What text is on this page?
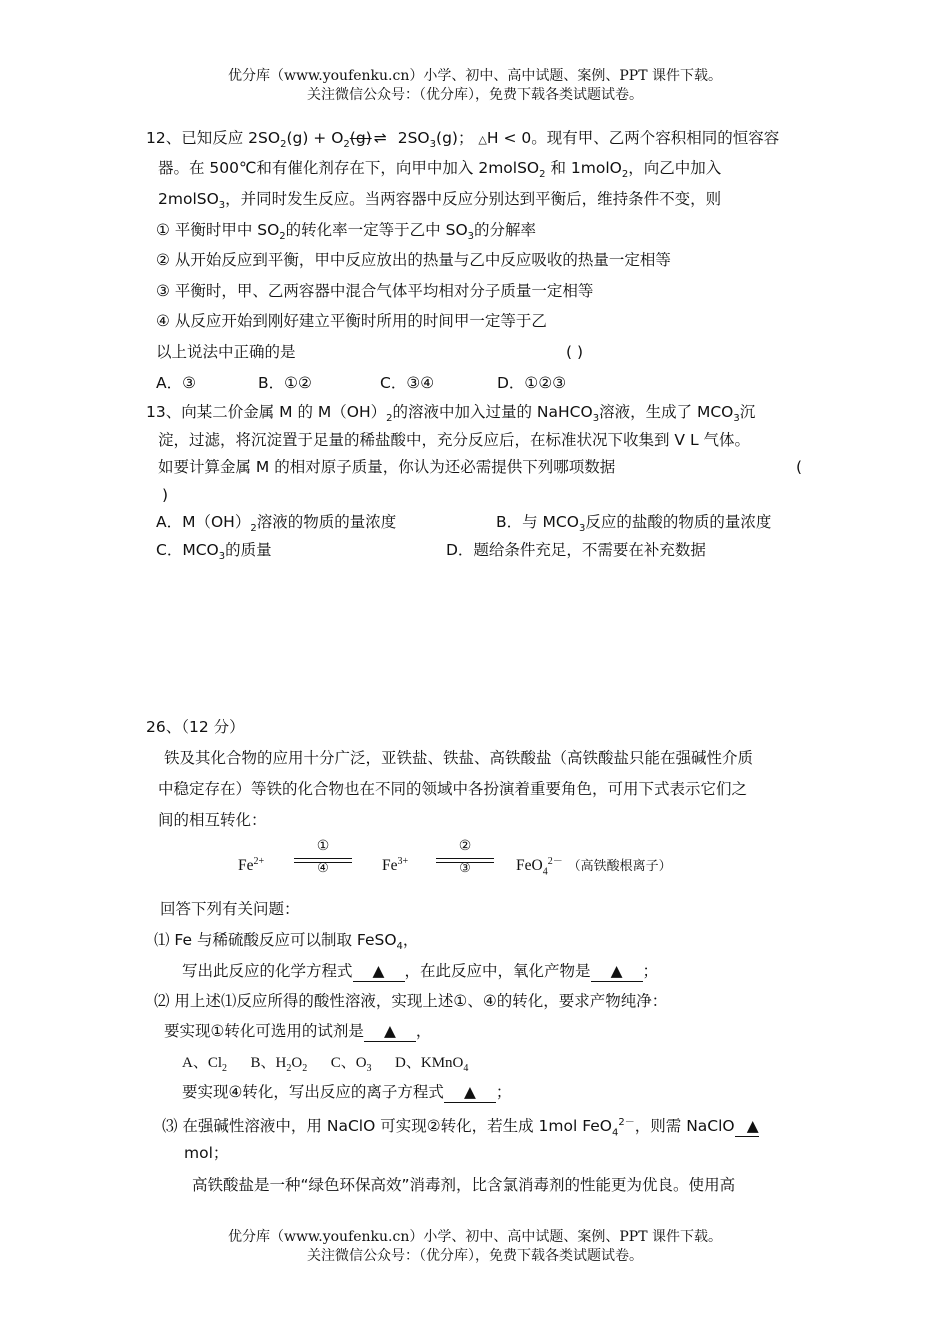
优分库（www.youfenku.cn）小学、初中、高中试题、案例、PPT 课件下载。
关注微信公众号：（优分库），免费下载各类试题试卷。
12、已知反应 $2SO_2(g) + O_2(g)$ ⇌ $2SO_3(g)$； △H < 0。现有甲、乙两个容积相同的恒容容
器。在 500℃和有催化剂存在下，向甲中加入 2molSO$_2$ 和 1molO$_2$，向乙中加入
2molSO$_3$，并同时发生反应。当两容器中反应分别达到平衡后，维持条件不变，则
① 平衡时甲中 $SO_2$的转化率一定等于乙中 $SO_3$的分解率
② 从开始反应到平衡，甲中反应放出的热量与乙中反应吸收的热量一定相等
③ 平衡时，甲、乙两容器中混合气体平均相对分子质量一定相等
④ 从反应开始到刚好建立平衡时所用的时间甲一定等于乙
以上说法中正确的是	( )
A．③	B．①②	C．③④	D．①②③
13、向某二价金属 M 的 $M(OH)_2$的溶液中加入过量的 NaHCO$_3$溶液，生成了 $MCO_3$沉
淀，过滤，将沉淀置于足量的稀盐酸中，充分反应后，在标准状况下收集到 V L 气体。
如要计算金属 M 的相对原子质量，你认为还必需提供下列哪项数据	(
)
A．$M(OH)_2$溶液的物质的量浓度	B．与 $MCO_3$反应的盐酸的物质的量浓度
C．$MCO_3$的质量	D．题给条件充足，不需要在补充数据
26、（12 分）
铁及其化合物的应用十分广泛，亚铁盐、铁盐、高铁酸盐（高铁酸盐只能在强碱性介质
中稳定存在）等铁的化合物也在不同的领域中各扮演着重要角色，可用下式表示它们之
间的相互转化：
$Fe^{2+}$
①
④	$Fe^{3+}$
②
③	FeO$_4^{2-}$ （高铁酸根离子）
回答下列有关问题：
⑴ Fe 与稀硫酸反应可以制取 FeSO$_4$，
写出此反应的化学方程式 ▲ ，在此反应中，氧化产物是 ▲ ；
⑵ 用上述⑴反应所得的酸性溶液，实现上述①、④的转化，要求产物纯净：
要实现①转化可选用的试剂是 ▲ ，
A、$Cl_2$ B、$H_2O_2$ C、$O_3$ D、KMnO$_4$
要实现④转化，写出反应的离子方程式 ▲ ；
⑶ 在强碱性溶液中，用 NaClO 可实现②转化，若生成 1mol FeO$_4^{2-}$，则需 NaClO ▲
mol；
高铁酸盐是一种“绿色环保高效”消毒剂，比含氯消毒剂的性能更为优良。使用高
优分库（www.youfenku.cn）小学、初中、高中试题、案例、PPT 课件下载。
关注微信公众号：（优分库），免费下载各类试题试卷。
